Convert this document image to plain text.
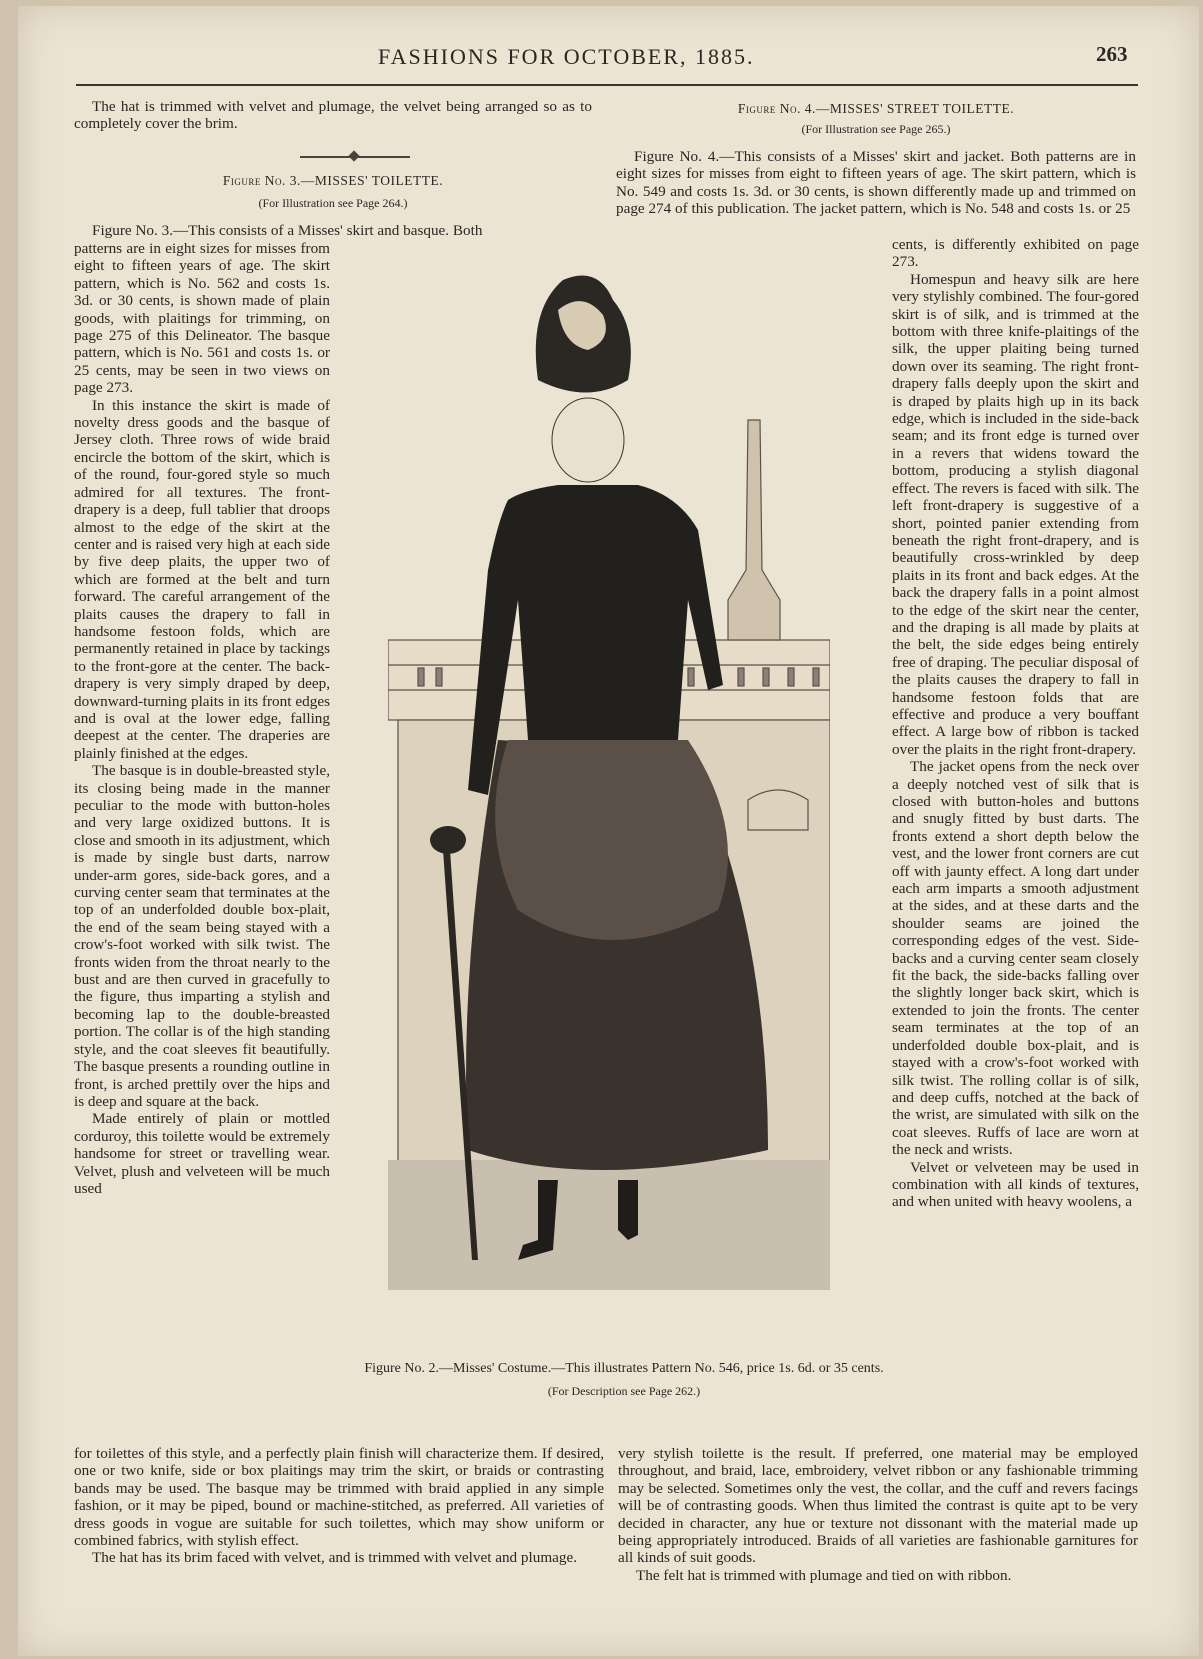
FASHIONS FOR OCTOBER, 1885.	263

The hat is trimmed with velvet and plumage, the velvet being arranged so as to completely cover the brim.

Figure No. 3.—MISSES' TOILETTE.

(For Illustration see Page 264.)

Figure No. 3.—This consists of a Misses' skirt and basque. Both

patterns are in eight sizes for misses from eight to fifteen years of age. The skirt pattern, which is No. 562 and costs 1s. 3d. or 30 cents, is shown made of plain goods, with plaitings for trimming, on page 275 of this Delineator. The basque pattern, which is No. 561 and costs 1s. or 25 cents, may be seen in two views on page 273.

In this instance the skirt is made of novelty dress goods and the basque of Jersey cloth. Three rows of wide braid encircle the bottom of the skirt, which is of the round, four-gored style so much admired for all textures. The front-drapery is a deep, full tablier that droops almost to the edge of the skirt at the center and is raised very high at each side by five deep plaits, the upper two of which are formed at the belt and turn forward. The careful arrangement of the plaits causes the drapery to fall in handsome festoon folds, which are permanently retained in place by tackings to the front-gore at the center. The back-drapery is very simply draped by deep, downward-turning plaits in its front edges and is oval at the lower edge, falling deepest at the center. The draperies are plainly finished at the edges.

The basque is in double-breasted style, its closing being made in the manner peculiar to the mode with button-holes and very large oxidized buttons. It is close and smooth in its adjustment, which is made by single bust darts, narrow under-arm gores, side-back gores, and a curving center seam that terminates at the top of an underfolded double box-plait, the end of the seam being stayed with a crow's-foot worked with silk twist. The fronts widen from the throat nearly to the bust and are then curved in gracefully to the figure, thus imparting a stylish and becoming lap to the double-breasted portion. The collar is of the high standing style, and the coat sleeves fit beautifully. The basque presents a rounding outline in front, is arched prettily over the hips and is deep and square at the back.

Made entirely of plain or mottled corduroy, this toilette would be extremely handsome for street or travelling wear. Velvet, plush and velveteen will be much used

for toilettes of this style, and a perfectly plain finish will characterize them. If desired, one or two knife, side or box plaitings may trim the skirt, or braids or contrasting bands may be used. The basque may be trimmed with braid applied in any simple fashion, or it may be piped, bound or machine-stitched, as preferred. All varieties of dress goods in vogue are suitable for such toilettes, which may show uniform or combined fabrics, with stylish effect.

The hat has its brim faced with velvet, and is trimmed with velvet and plumage.

Figure No. 4.—MISSES' STREET TOILETTE.

(For Illustration see Page 265.)

Figure No. 4.—This consists of a Misses' skirt and jacket. Both patterns are in eight sizes for misses from eight to fifteen years of age. The skirt pattern, which is No. 549 and costs 1s. 3d. or 30 cents, is shown differently made up and trimmed on page 274 of this publication. The jacket pattern, which is No. 548 and costs 1s. or 25

cents, is differently exhibited on page 273.

Homespun and heavy silk are here very stylishly combined. The four-gored skirt is of silk, and is trimmed at the bottom with three knife-plaitings of the silk, the upper plaiting being turned down over its seaming. The right front-drapery falls deeply upon the skirt and is draped by plaits high up in its back edge, which is included in the side-back seam; and its front edge is turned over in a revers that widens toward the bottom, producing a stylish diagonal effect. The revers is faced with silk. The left front-drapery is suggestive of a short, pointed panier extending from beneath the right front-drapery, and is beautifully cross-wrinkled by deep plaits in its front and back edges. At the back the drapery falls in a point almost to the edge of the skirt near the center, and the draping is all made by plaits at the belt, the side edges being entirely free of draping. The peculiar disposal of the plaits causes the drapery to fall in handsome festoon folds that are effective and produce a very bouffant effect. A large bow of ribbon is tacked over the plaits in the right front-drapery.

The jacket opens from the neck over a deeply notched vest of silk that is closed with button-holes and buttons and snugly fitted by bust darts. The fronts extend a short depth below the vest, and the lower front corners are cut off with jaunty effect. A long dart under each arm imparts a smooth adjustment at the sides, and at these darts and the shoulder seams are joined the corresponding edges of the vest. Side-backs and a curving center seam closely fit the back, the side-backs falling over the slightly longer back skirt, which is extended to join the fronts. The center seam terminates at the top of an underfolded double box-plait, and is stayed with a crow's-foot worked with silk twist. The rolling collar is of silk, and deep cuffs, notched at the back of the wrist, are simulated with silk on the coat sleeves. Ruffs of lace are worn at the neck and wrists.

Velvet or velveteen may be used in combination with all kinds of textures, and when united with heavy woolens, a

very stylish toilette is the result. If preferred, one material may be employed throughout, and braid, lace, embroidery, velvet ribbon or any fashionable trimming may be selected. Sometimes only the vest, the collar, and the cuff and revers facings will be of contrasting goods. When thus limited the contrast is quite apt to be very decided in character, any hue or texture not dissonant with the material made up being appropriately introduced. Braids of all varieties are fashionable garnitures for all kinds of suit goods.

The felt hat is trimmed with plumage and tied on with ribbon.

Figure No. 2.—Misses' Costume.—This illustrates Pattern No. 546, price 1s. 6d. or 35 cents.
(For Description see Page 262.)
